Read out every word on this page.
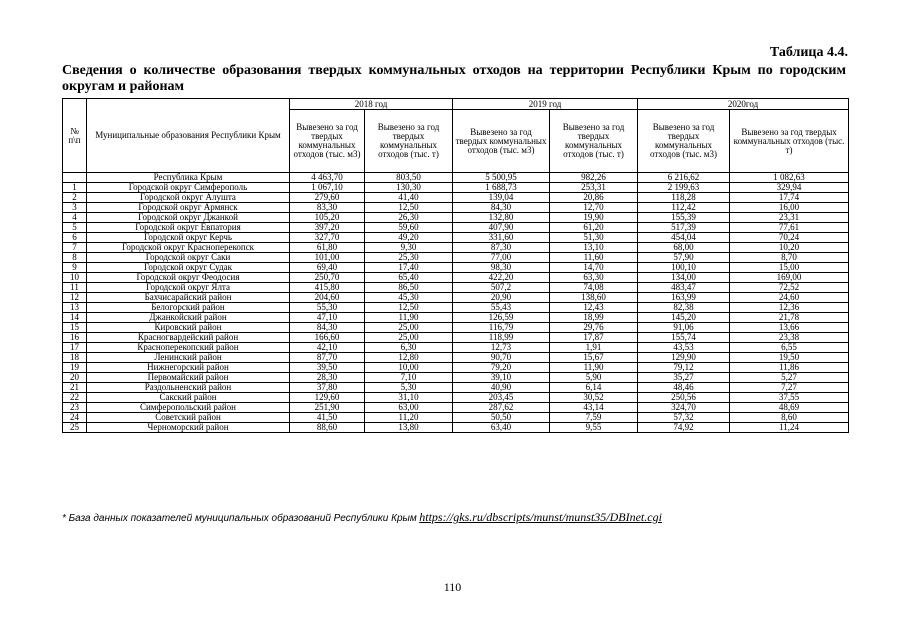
Таблица 4.4.

Сведения о количестве образования твердых коммунальных отходов на территории Республики Крым по городским округам и районам

№ п\п	Муниципальные образования Республики Крым	2018 год		2019 год		2020год	
		Вывезено за год твердых коммунальных отходов (тыс. м3)	Вывезено за год твердых коммунальных отходов (тыс. т)	Вывезено за год твердых коммунальных отходов (тыс. м3)	Вывезено за год твердых коммунальных отходов (тыс. т)	Вывезено за год твердых коммунальных отходов (тыс. м3)	Вывезено за год твердых коммунальных отходов (тыс. т)
	Республика Крым	4 463,70	803,50	5 500,95	982,26	6 216,62	1 082,63
1	Городской округ Симферополь	1 067,10	130,30	1 688,73	253,31	2 199,63	329,94
2	Городской округ Алушта	279,60	41,40	139,04	20,86	118,28	17,74
3	Городской округ Армянск	83,30	12,50	84,30	12,70	112,42	16,00
4	Городской округ Джанкой	105,20	26,30	132,80	19,90	155,39	23,31
5	Городской округ Евпатория	397,20	59,60	407,90	61,20	517,39	77,61
6	Городской округ Керчь	327,70	49,20	331,60	51,30	454,04	70,24
7	Городской округ Красноперекопск	61,80	9,30	87,30	13,10	68,00	10,20
8	Городской округ Саки	101,00	25,30	77,00	11,60	57,90	8,70
9	Городской округ Судак	69,40	17,40	98,30	14,70	100,10	15,00
10	Городской округ Феодосия	250,70	65,40	422,20	63,30	134,00	169,00
11	Городской округ Ялта	415,80	86,50	507,2	74,08	483,47	72,52
12	Бахчисарайский район	204,60	45,30	20,90	138,60	163,99	24,60
13	Белогорский район	55,30	12,50	55,43	12,43	82,38	12,36
14	Джанкойский район	47,10	11,90	126,59	18,99	145,20	21,78
15	Кировский район	84,30	25,00	116,79	29,76	91,06	13,66
16	Красногвардейский район	166,60	25,00	118,99	17,87	155,74	23,38
17	Красноперекопский район	42,10	6,30	12,73	1,91	43,53	6,55
18	Ленинский район	87,70	12,80	90,70	15,67	129,90	19,50
19	Нижнегорский район	39,50	10,00	79,20	11,90	79,12	11,86
20	Первомайский район	28,30	7,10	39,10	5,90	35,27	5,27
21	Раздольненский район	37,80	5,30	40,90	6,14	48,46	7,27
22	Сакский район	129,60	31,10	203,45	30,52	250,56	37,55
23	Симферопольский район	251,90	63,00	287,62	43,14	324,70	48,69
24	Советский район	41,50	11,20	50,50	7,59	57,32	8,60
25	Черноморский район	88,60	13,80	63,40	9,55	74,92	11,24
* База данных показателей муниципальных образований Республики Крым https://gks.ru/dbscripts/munst/munst35/DBInet.cgi
110
